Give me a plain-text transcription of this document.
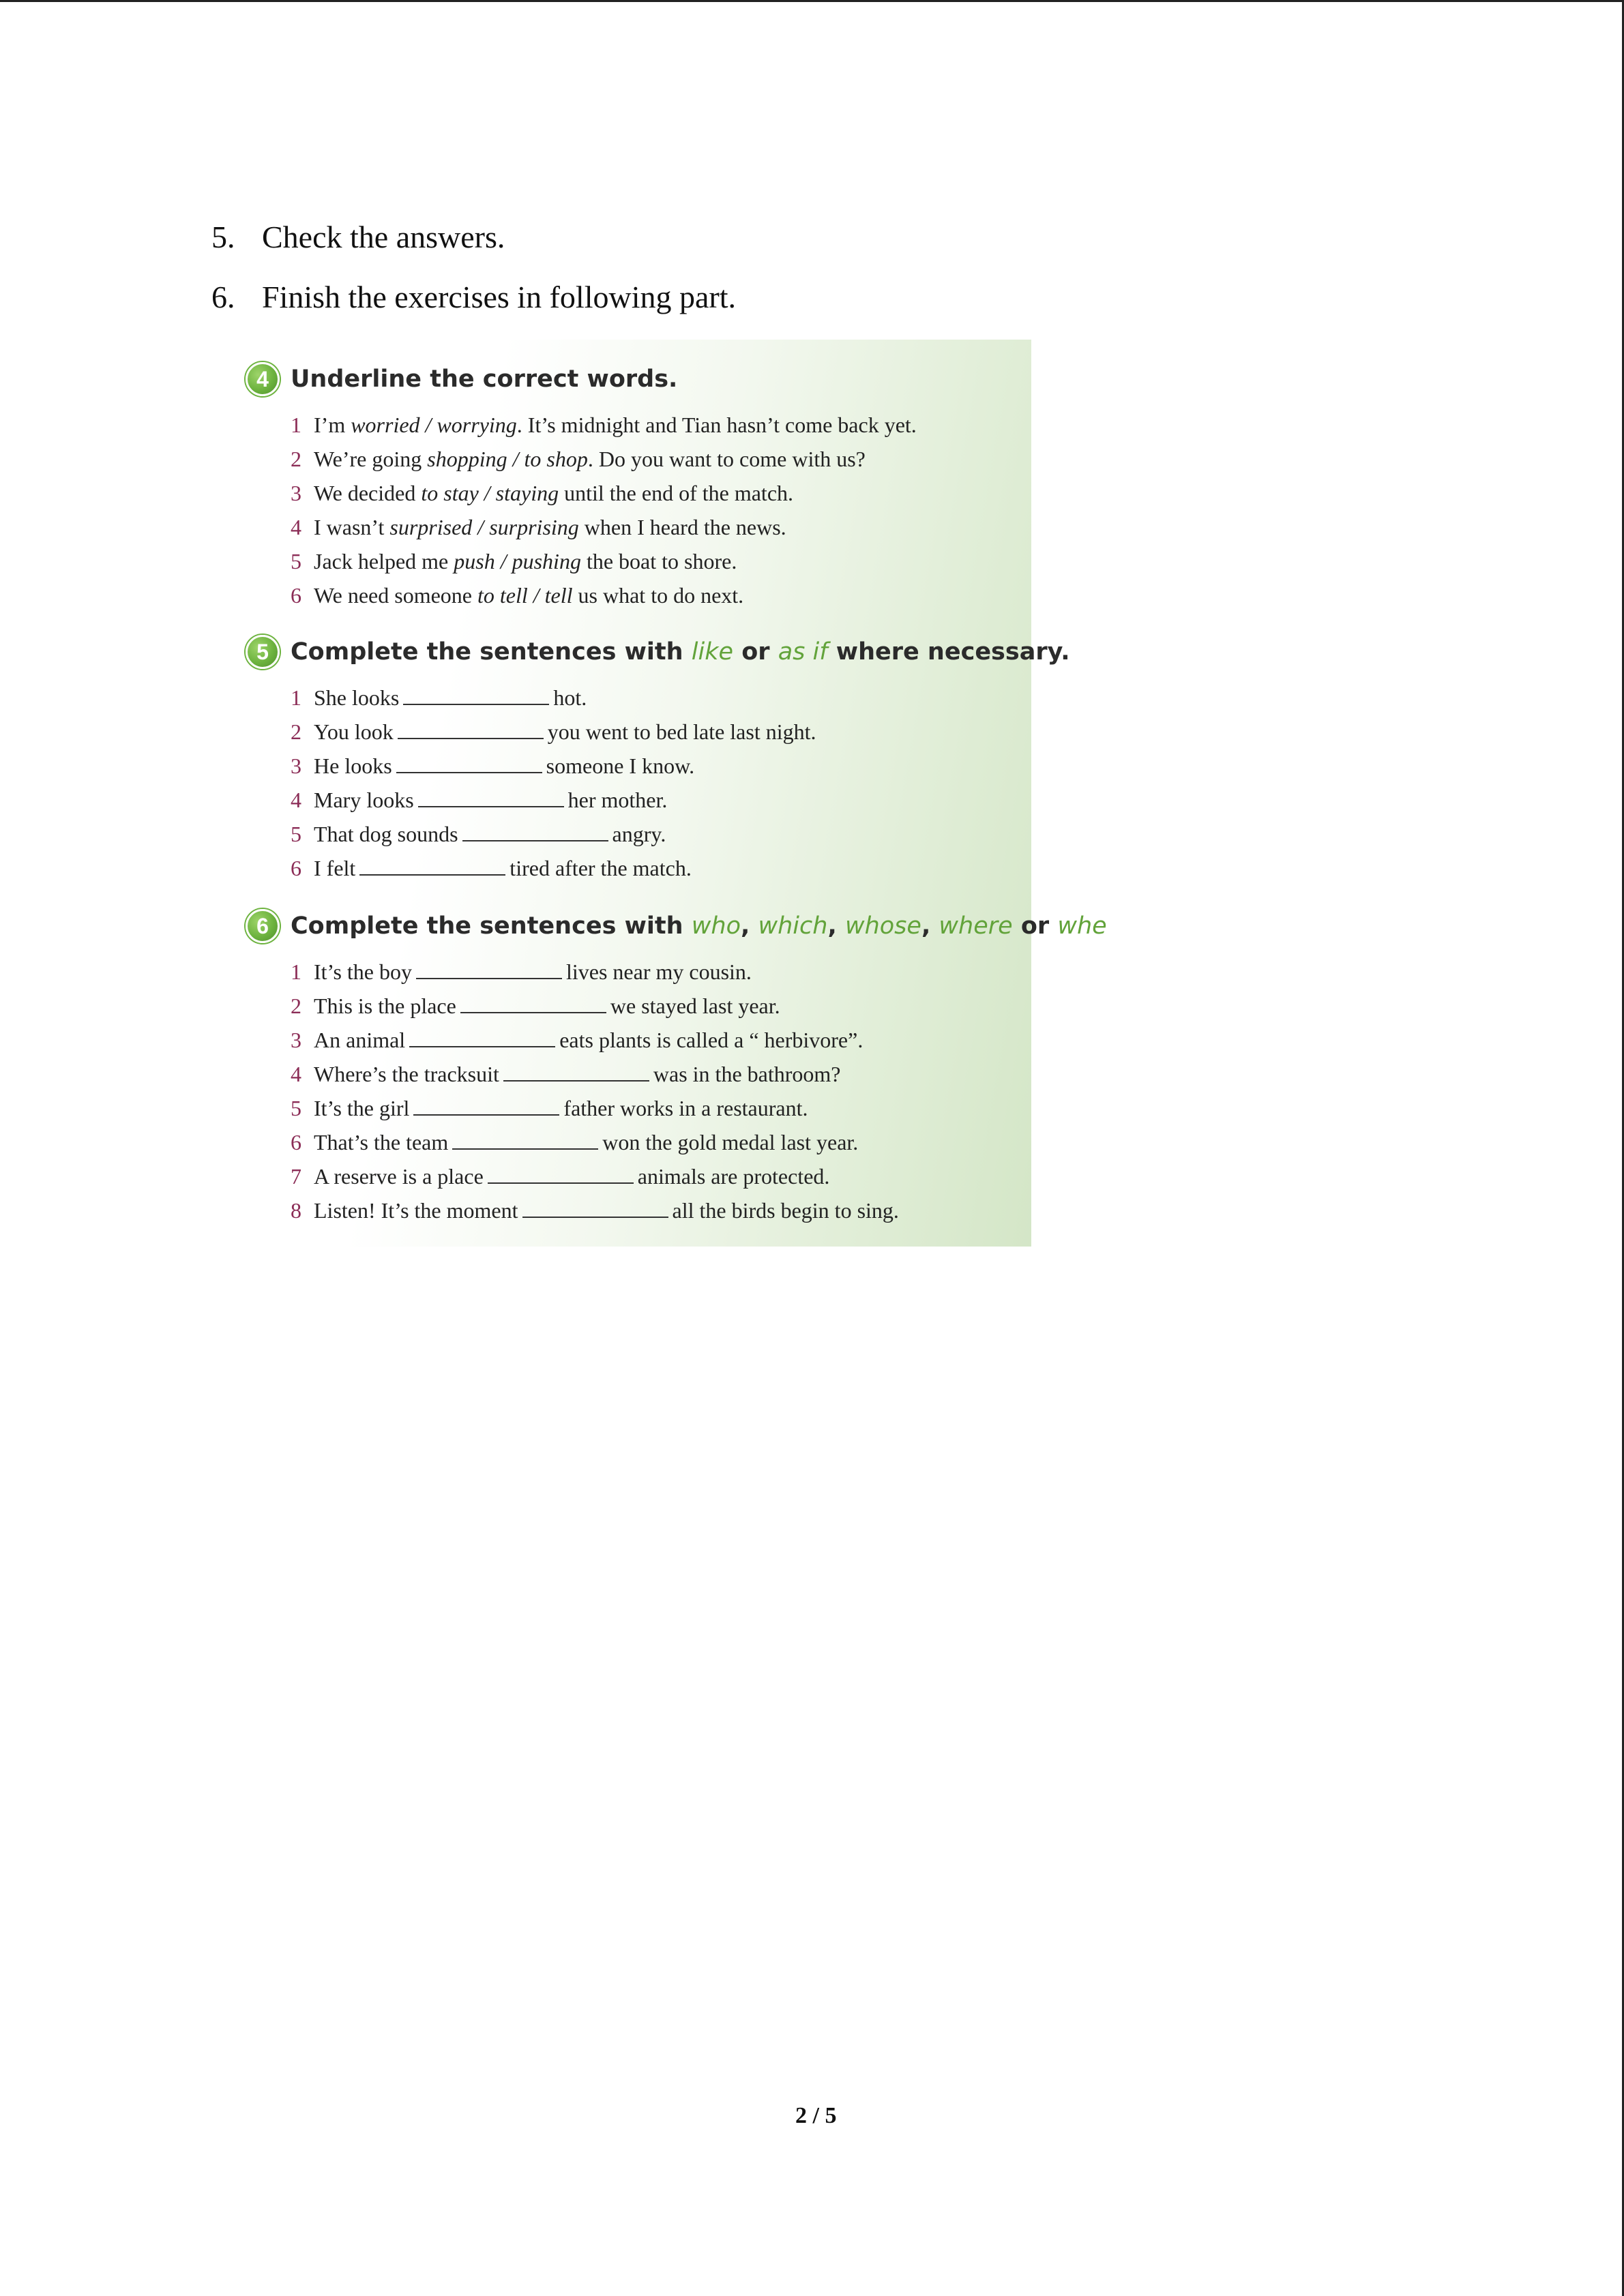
5. Check the answers.
6. Finish the exercises in following part.
4 Underline the correct words.
1 I’m worried / worrying. It’s midnight and Tian hasn’t come back yet.
2 We’re going shopping / to shop. Do you want to come with us?
3 We decided to stay / staying until the end of the match.
4 I wasn’t surprised / surprising when I heard the news.
5 Jack helped me push / pushing the boat to shore.
6 We need someone to tell / tell us what to do next.
5 Complete the sentences with like or as if where necessary.
1 She looks	hot.
2 You look	you went to bed late last night.
3 He looks	someone I know.
4 Mary looks	her mother.
5 That dog sounds	angry.
6 I felt	tired after the match.
6 Complete the sentences with who, which, whose, where or whe
1 It’s the boy	lives near my cousin.
2 This is the place	we stayed last year.
3 An animal	eats plants is called a “ herbivore”.
4 Where’s the tracksuit	was in the bathroom?
5 It’s the girl	father works in a restaurant.
6 That’s the team	won the gold medal last year.
7 A reserve is a place	animals are protected.
8 Listen! It’s the moment	all the birds begin to sing.
2 / 5
